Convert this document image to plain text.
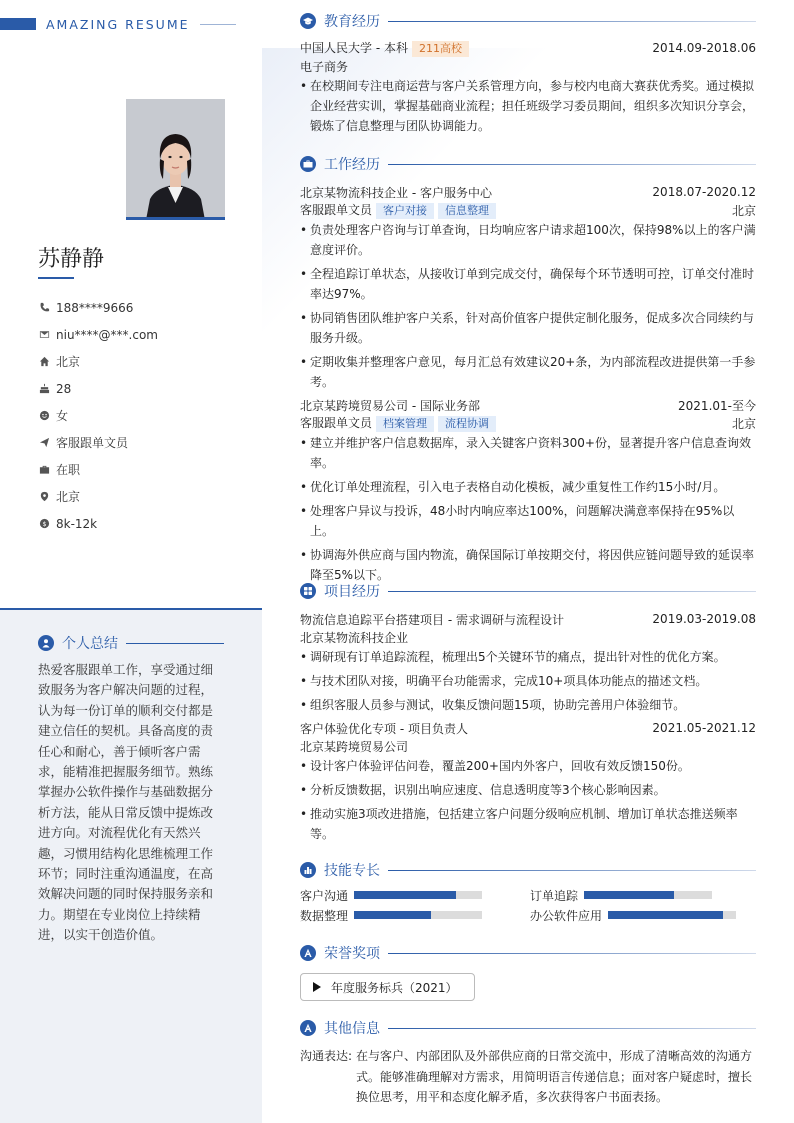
AMAZING RESUME
苏静静
188****9666
niu****@***.com
北京
28
女
客服跟单文员
在职
北京
$ 8k-12k
个人总结
热爱客服跟单工作，享受通过细致服务为客户解决问题的过程，认为每一份订单的顺利交付都是建立信任的契机。具备高度的责任心和耐心，善于倾听客户需求，能精准把握服务细节。熟练掌握办公软件操作与基础数据分析方法，能从日常反馈中提炼改进方向。对流程优化有天然兴趣，习惯用结构化思维梳理工作环节；同时注重沟通温度，在高效解决问题的同时保持服务亲和力。期望在专业岗位上持续精进，以实干创造价值。
教育经历
中国人民大学 - 本科 211高校	2014.09-2018.06
电子商务
• 在校期间专注电商运营与客户关系管理方向，参与校内电商大赛获优秀奖。通过模拟企业经营实训，掌握基础商业流程；担任班级学习委员期间，组织多次知识分享会，锻炼了信息整理与团队协调能力。
工作经历
北京某物流科技企业 - 客户服务中心	2018.07-2020.12
客服跟单文员 客户对接 信息整理	北京
• 负责处理客户咨询与订单查询，日均响应客户请求超100次，保持98%以上的客户满意度评价。
• 全程追踪订单状态，从接收订单到完成交付，确保每个环节透明可控，订单交付准时率达97%。
• 协同销售团队维护客户关系，针对高价值客户提供定制化服务，促成多次合同续约与服务升级。
• 定期收集并整理客户意见，每月汇总有效建议20+条，为内部流程改进提供第一手参考。
北京某跨境贸易公司 - 国际业务部	2021.01-至今
客服跟单文员 档案管理 流程协调	北京
• 建立并维护客户信息数据库，录入关键客户资料300+份，显著提升客户信息查询效率。
• 优化订单处理流程，引入电子表格自动化模板，减少重复性工作约15小时/月。
• 处理客户异议与投诉，48小时内响应率达100%，问题解决满意率保持在95%以上。
• 协调海外供应商与国内物流，确保国际订单按期交付，将因供应链问题导致的延误率降至5%以下。
项目经历
物流信息追踪平台搭建项目 - 需求调研与流程设计	2019.03-2019.08
北京某物流科技企业
• 调研现有订单追踪流程，梳理出5个关键环节的痛点，提出针对性的优化方案。
• 与技术团队对接，明确平台功能需求，完成10+项具体功能点的描述文档。
• 组织客服人员参与测试，收集反馈问题15项，协助完善用户体验细节。
客户体验优化专项 - 项目负责人	2021.05-2021.12
北京某跨境贸易公司
• 设计客户体验评估问卷，覆盖200+国内外客户，回收有效反馈150份。
• 分析反馈数据，识别出响应速度、信息透明度等3个核心影响因素。
• 推动实施3项改进措施，包括建立客户问题分级响应机制、增加订单状态推送频率等。
技能专长
客户沟通	订单追踪
数据整理	办公软件应用
荣誉奖项
年度服务标兵（2021）
其他信息
沟通表达: 在与客户、内部团队及外部供应商的日常交流中，形成了清晰高效的沟通方式。能够准确理解对方需求，用简明语言传递信息；面对客户疑虑时，擅长换位思考，用平和态度化解矛盾，多次获得客户书面表扬。
